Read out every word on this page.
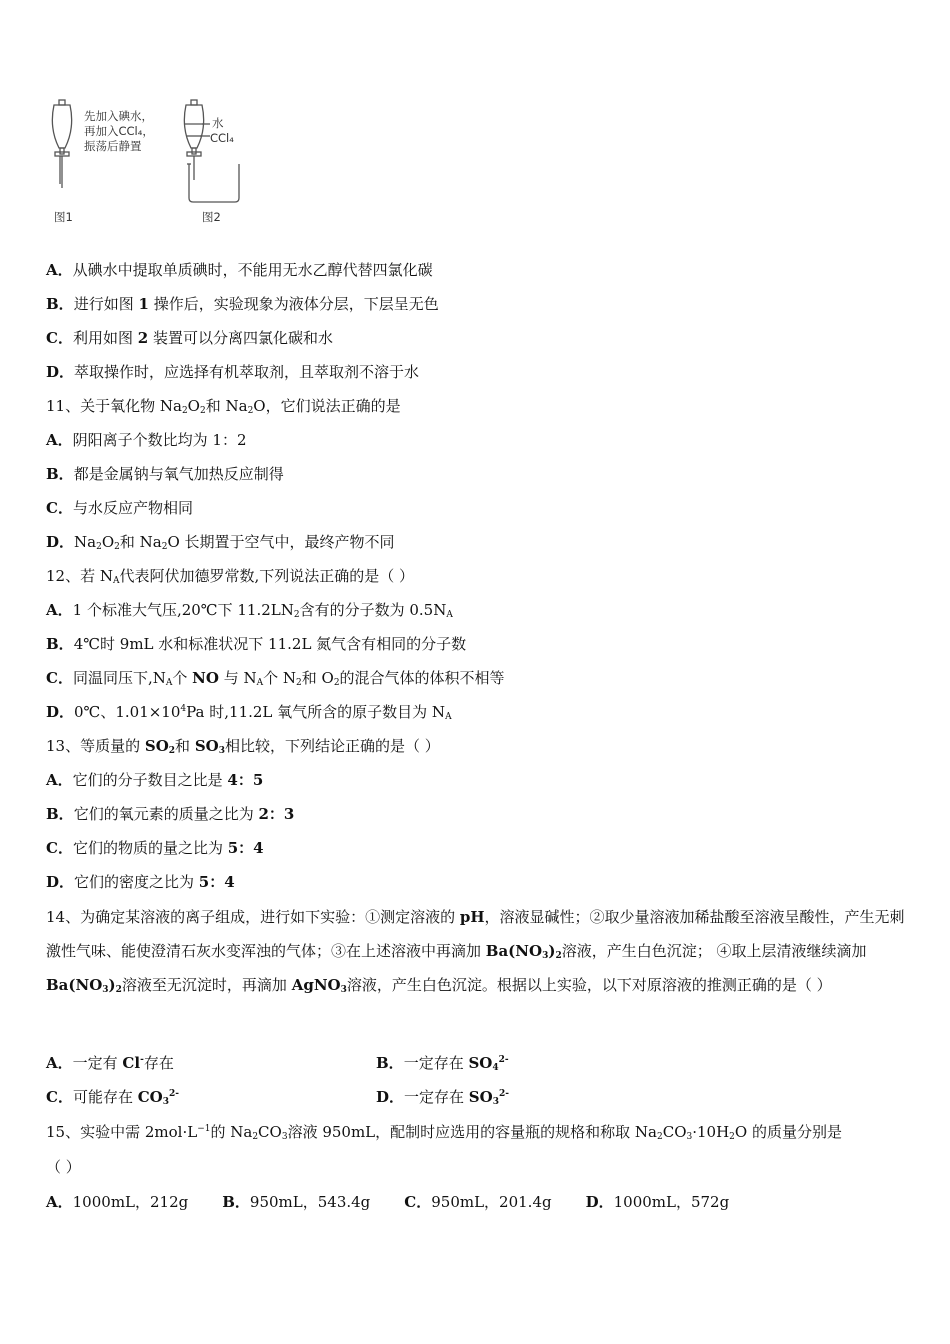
先加入碘水，
再加入CCl₄，
振荡后静置
水
CCl₄
图1	图2
A．从碘水中提取单质碘时，不能用无水乙醇代替四氯化碳
B．进行如图 1 操作后，实验现象为液体分层，下层呈无色
C．利用如图 2 装置可以分离四氯化碳和水
D．萃取操作时，应选择有机萃取剂，且萃取剂不溶于水
11、关于氧化物 $Na_2O_2$和 $Na_2O$，它们说法正确的是
A．阴阳离子个数比均为 1：2
B．都是金属钠与氧气加热反应制得
C．与水反应产物相同
D．$Na_2O_2$和 $Na_2O$ 长期置于空气中，最终产物不同
12、若 $N_A$代表阿伏加德罗常数,下列说法正确的是（ ）
A．1 个标准大气压,20℃下 $11.2LN_2$含有的分子数为 $0.5N_A$
B．4℃时 9mL 水和标准状况下 11.2L 氮气含有相同的分子数
C．同温同压下$,N_A$个 NO 与 $N_A$个 $N_2$和 $O_2$的混合气体的体积不相等
D．0℃、$1.01\times 10^4Pa$ 时,11.2L 氧气所含的原子数目为 $N_A$
13、等质量的 $SO_2$和 $SO_3$相比较，下列结论正确的是（ ）
A．它们的分子数目之比是 4：5
B．它们的氧元素的质量之比为 2：3
C．它们的物质的量之比为 5：4
D．它们的密度之比为 5：4
14、为确定某溶液的离子组成，进行如下实验：①测定溶液的 pH，溶液显碱性；②取少量溶液加稀盐酸至溶液呈酸性，产生无刺激性气味、能使澄清石灰水变浑浊的气体；③在上述溶液中再滴加 $Ba(NO_3)_2$溶液，产生白色沉淀； ④取上层清液继续滴加 $Ba(NO_3)_2$溶液至无沉淀时，再滴加 AgNO$_3$溶液，产生白色沉淀。根据以上实验，以下对原溶液的推测正确的是（ ）
A．一定有 Cl-存在	B．一定存在 $SO_4^{2-}$
C．可能存在 $CO_3^{2-}$	D．一定存在 $SO_3^{2-}$
15、实验中需 $2mol\cdot L^{-1}$的 $Na_2CO_3$溶液 950mL，配制时应选用的容量瓶的规格和称取 $Na_2CO_3\cdot 10H_2O$ 的质量分别是
（ ）
A．1000mL，212g B．950mL，543.4g C．950mL，201.4g D．1000mL，572g
